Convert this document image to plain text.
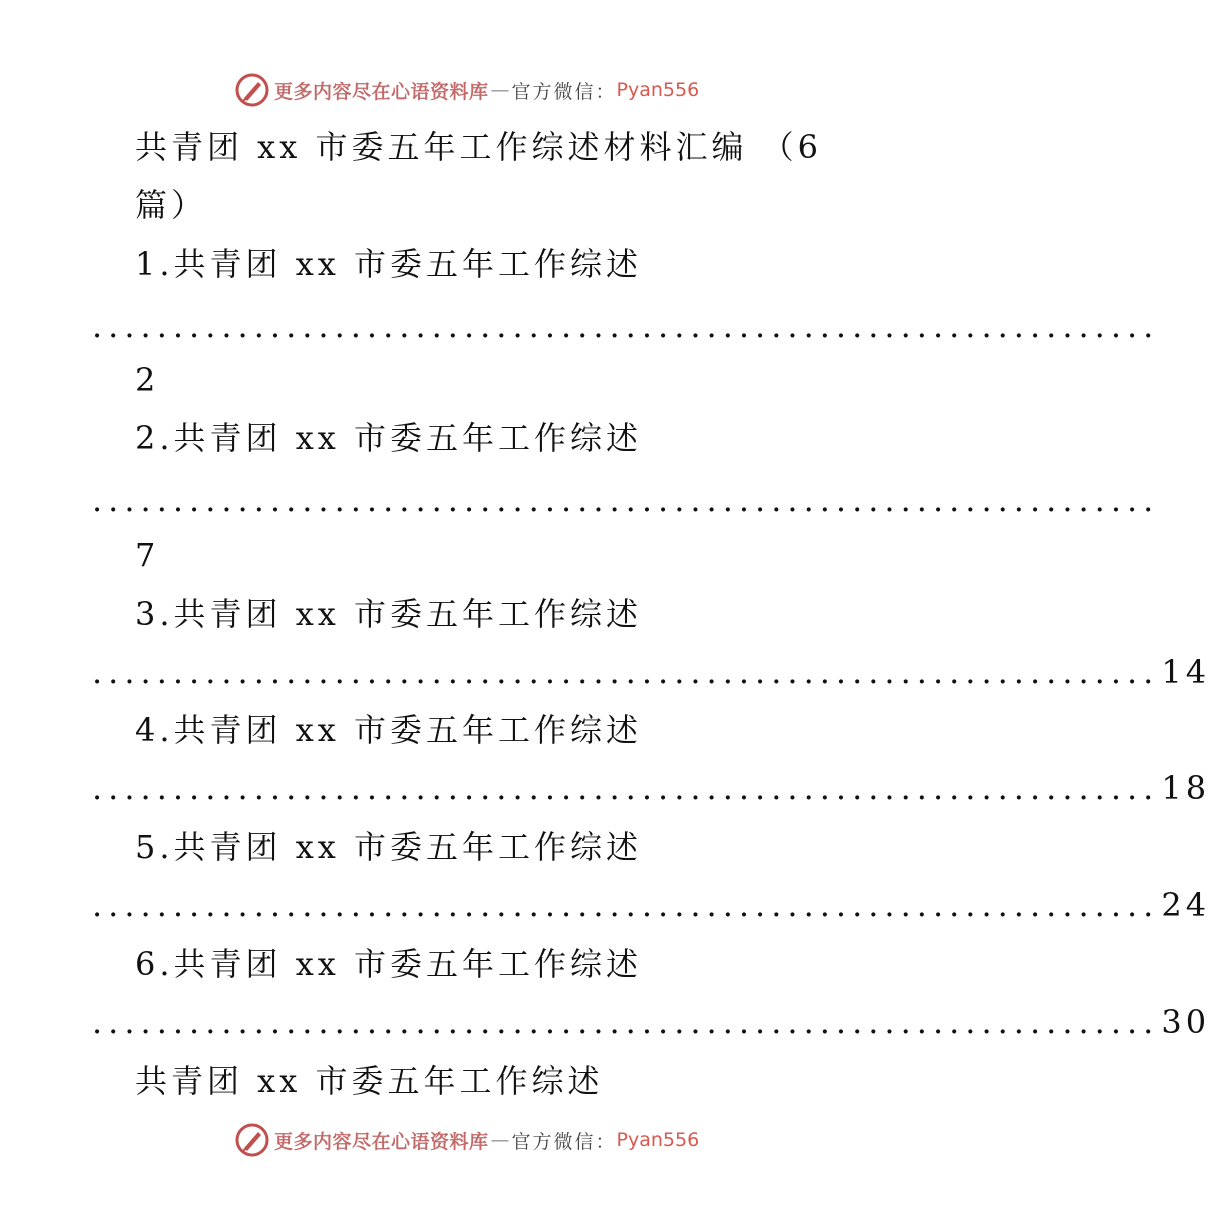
更多内容尽在心语资料库 — 官方微信： Pyan556
共青团 xx 市委五年工作综述材料汇编 （6
篇）
1.共青团 xx 市委五年工作综述
..................................................................
2
2.共青团 xx 市委五年工作综述
..................................................................
7
3.共青团 xx 市委五年工作综述
.................................................................. 14
4.共青团 xx 市委五年工作综述
.................................................................. 18
5.共青团 xx 市委五年工作综述
.................................................................. 24
6.共青团 xx 市委五年工作综述
.................................................................. 30
共青团 xx 市委五年工作综述
更多内容尽在心语资料库 — 官方微信： Pyan556
